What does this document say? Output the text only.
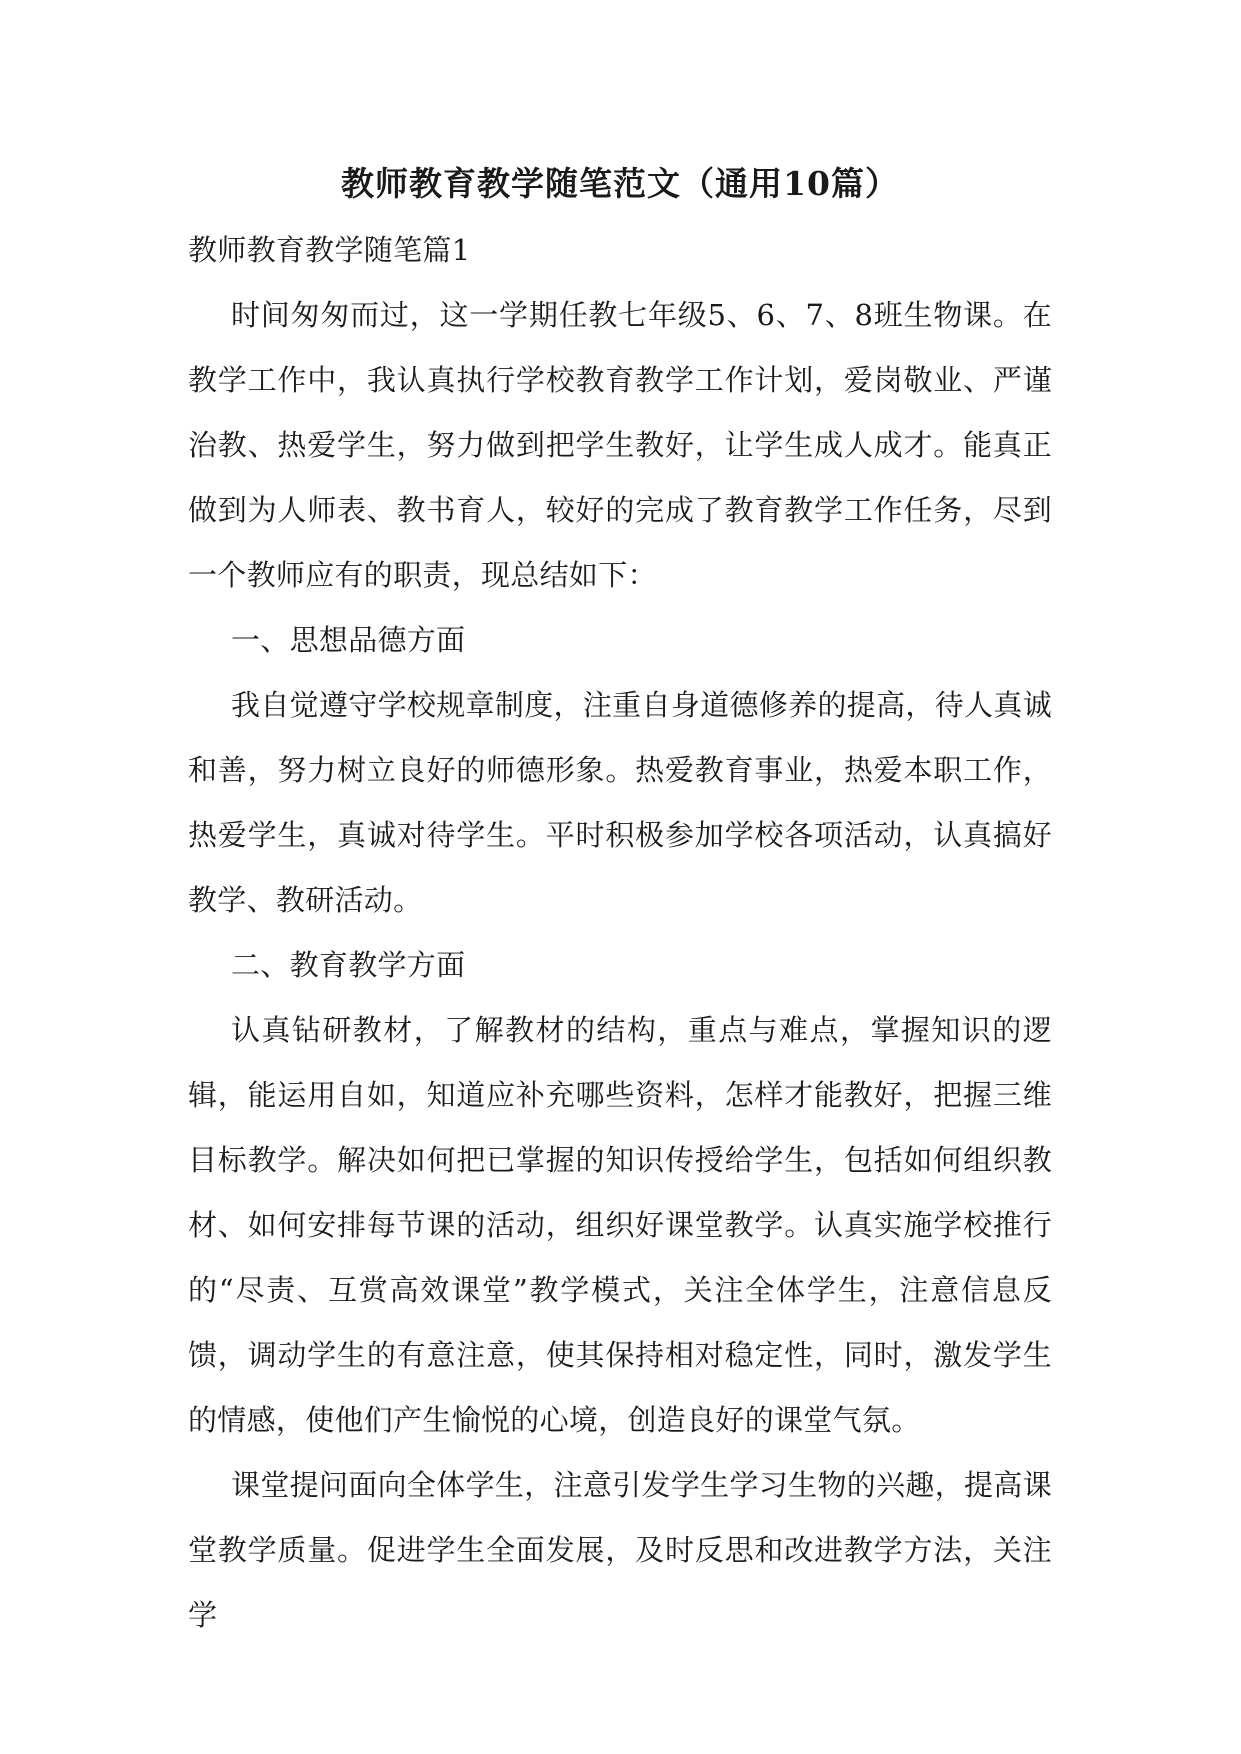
教师教育教学随笔范文（通用10篇）

教师教育教学随笔篇1

时间匆匆而过，这一学期任教七年级5、6、7、8班生物课。在教学工作中，我认真执行学校教育教学工作计划，爱岗敬业、严谨治教、热爱学生，努力做到把学生教好，让学生成人成才。能真正做到为人师表、教书育人，较好的完成了教育教学工作任务，尽到一个教师应有的职责，现总结如下：

一、思想品德方面

我自觉遵守学校规章制度，注重自身道德修养的提高，待人真诚和善，努力树立良好的师德形象。热爱教育事业，热爱本职工作，热爱学生，真诚对待学生。平时积极参加学校各项活动，认真搞好教学、教研活动。

二、教育教学方面

认真钻研教材，了解教材的结构，重点与难点，掌握知识的逻辑，能运用自如，知道应补充哪些资料，怎样才能教好，把握三维目标教学。解决如何把已掌握的知识传授给学生，包括如何组织教材、如何安排每节课的活动，组织好课堂教学。认真实施学校推行的“尽责、互赏高效课堂”教学模式，关注全体学生，注意信息反馈，调动学生的有意注意，使其保持相对稳定性，同时，激发学生的情感，使他们产生愉悦的心境，创造良好的课堂气氛。

课堂提问面向全体学生，注意引发学生学习生物的兴趣，提高课堂教学质量。促进学生全面发展，及时反思和改进教学方法，关注学
